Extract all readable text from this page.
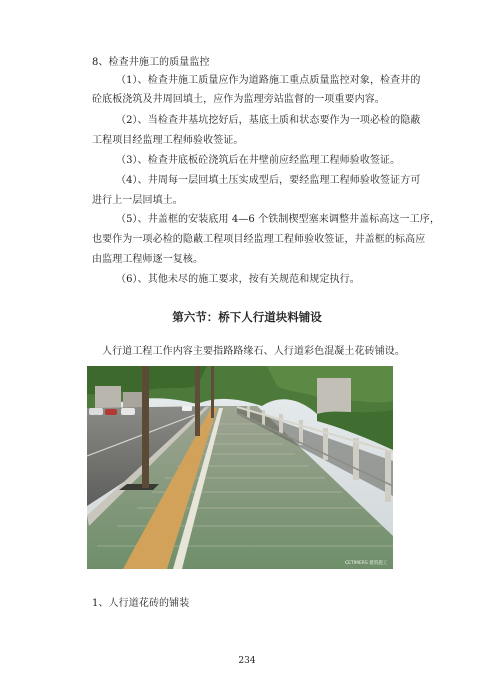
8、检查井施工的质量监控
（1）、检查井施工质量应作为道路施工重点质量监控对象，检查井的
砼底板浇筑及井周回填土，应作为监理旁站监督的一项重要内容。
（2）、当检查井基坑挖好后，基底土质和状态要作为一项必检的隐蔽
工程项目经监理工程师验收签证。
（3）、检查井底板砼浇筑后在井壁前应经监理工程师验收签证。
（4）、井周每一层回填土压实成型后，要经监理工程师验收签证方可
进行上一层回填土。
（5）、井盖框的安装底用 4—6 个铁制楔型塞来调整井盖标高这一工序，
也要作为一项必检的隐蔽工程项目经监理工程师验收签证，井盖框的标高应
由监理工程师逐一复核。
（6）、其他未尽的施工要求，按有关规范和规定执行。
第六节：桥下人行道块料铺设
人行道工程工作内容主要指路路缘石、人行道彩色混凝土花砖铺设。
CETIMERS 建筑施工
1、人行道花砖的铺装
234
